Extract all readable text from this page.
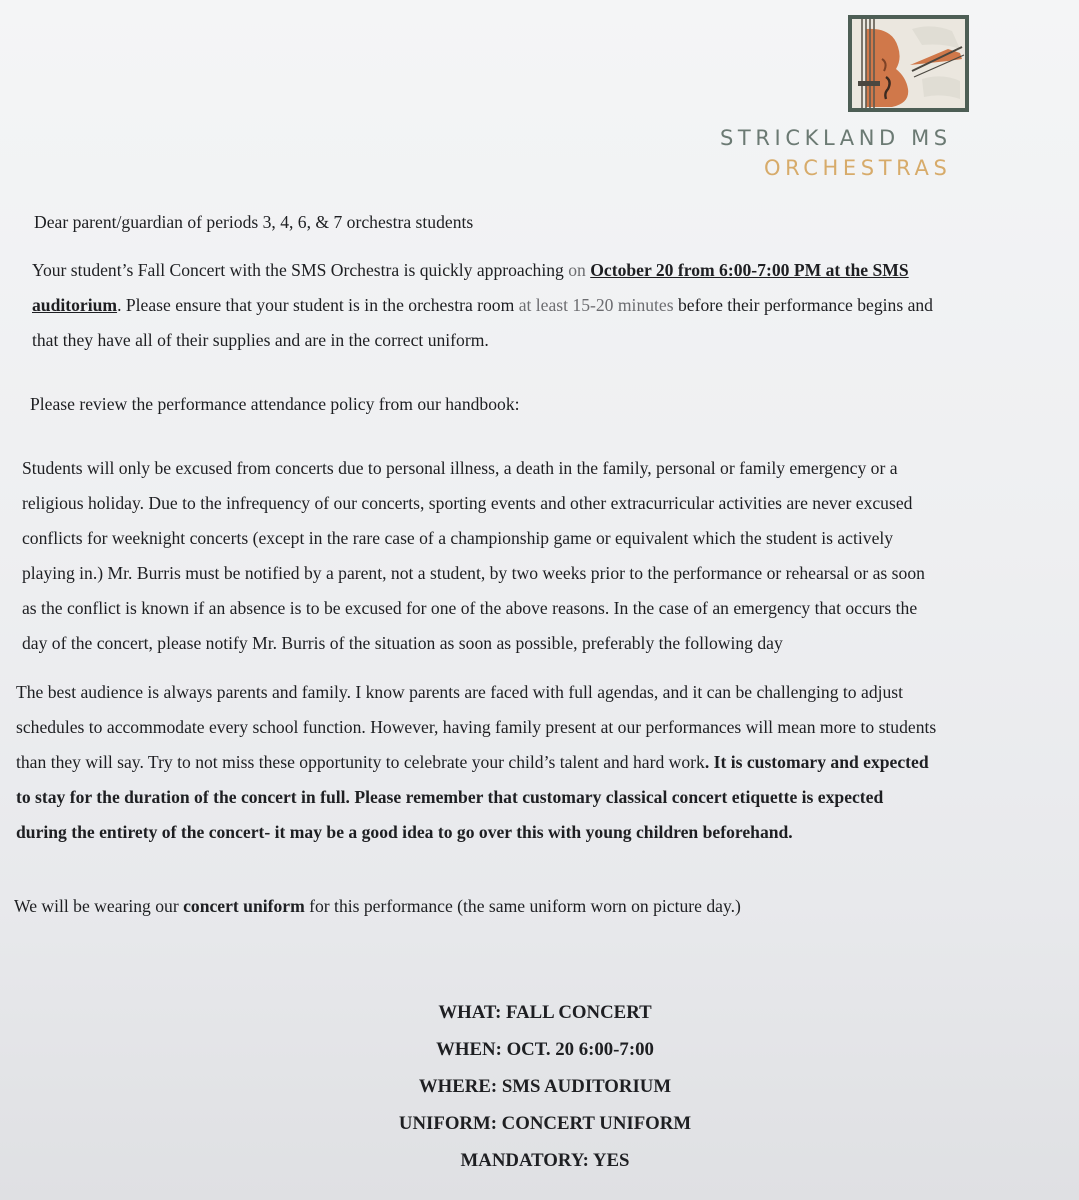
STRICKLAND MS
ORCHESTRAS
Dear parent/guardian of periods 3, 4, 6, & 7 orchestra students
Your student’s Fall Concert with the SMS Orchestra is quickly approaching on October 20 from 6:00-7:00 PM at the SMS
auditorium. Please ensure that your student is in the orchestra room at least 15-20 minutes before their performance begins and
that they have all of their supplies and are in the correct uniform.
Please review the performance attendance policy from our handbook:
Students will only be excused from concerts due to personal illness, a death in the family, personal or family emergency or a
religious holiday. Due to the infrequency of our concerts, sporting events and other extracurricular activities are never excused
conflicts for weeknight concerts (except in the rare case of a championship game or equivalent which the student is actively
playing in.) Mr. Burris must be notified by a parent, not a student, by two weeks prior to the performance or rehearsal or as soon
as the conflict is known if an absence is to be excused for one of the above reasons. In the case of an emergency that occurs the
day of the concert, please notify Mr. Burris of the situation as soon as possible, preferably the following day
The best audience is always parents and family. I know parents are faced with full agendas, and it can be challenging to adjust
schedules to accommodate every school function. However, having family present at our performances will mean more to students
than they will say. Try to not miss these opportunity to celebrate your child’s talent and hard work. It is customary and expected
to stay for the duration of the concert in full. Please remember that customary classical concert etiquette is expected
during the entirety of the concert- it may be a good idea to go over this with young children beforehand.
We will be wearing our concert uniform for this performance (the same uniform worn on picture day.)
WHAT: FALL CONCERT
WHEN: OCT. 20 6:00-7:00
WHERE: SMS AUDITORIUM
UNIFORM: CONCERT UNIFORM
MANDATORY: YES
